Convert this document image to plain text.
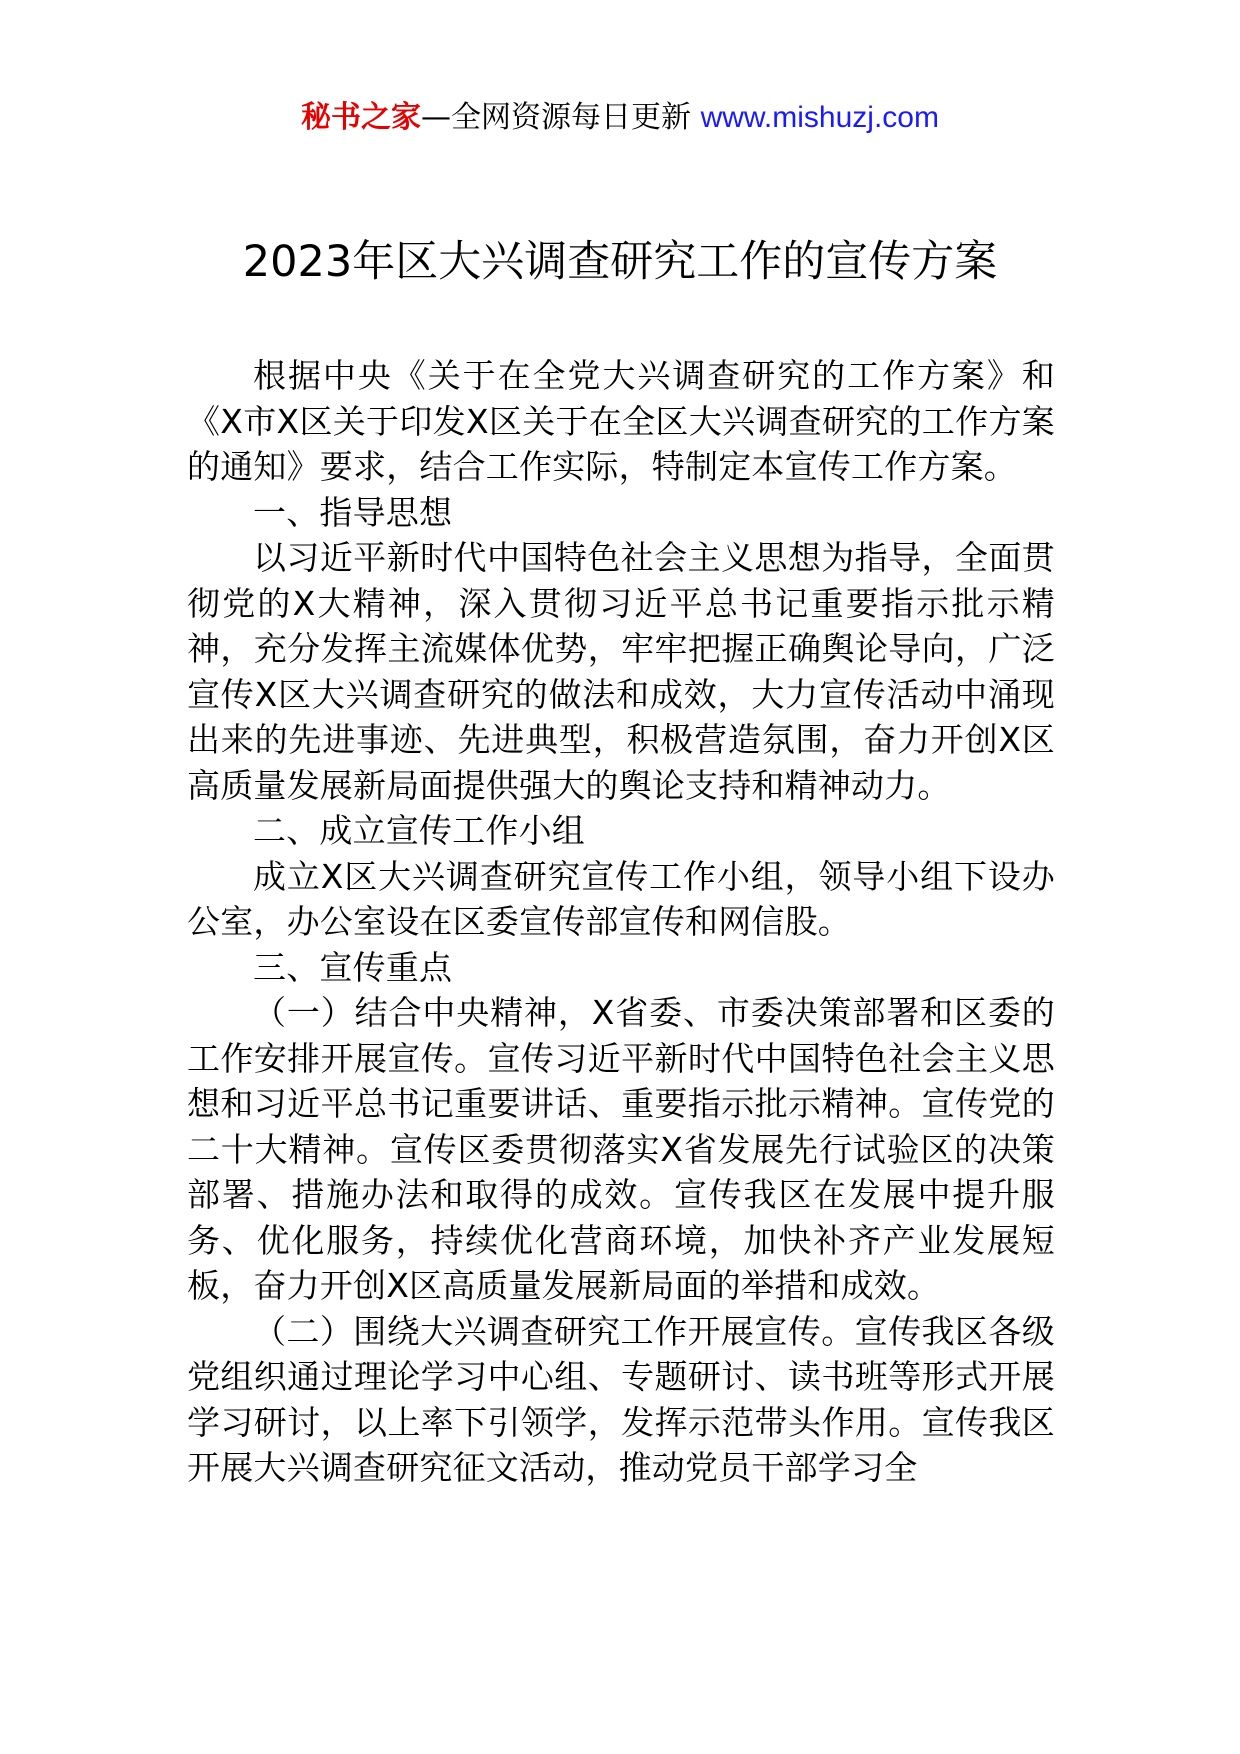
秘书之家—全网资源每日更新 www.mishuzj.com
2023年区大兴调查研究工作的宣传方案

根据中央《关于在全党大兴调查研究的工作方案》和《X市X区关于印发X区关于在全区大兴调查研究的工作方案的通知》要求，结合工作实际，特制定本宣传工作方案。

一、指导思想

以习近平新时代中国特色社会主义思想为指导，全面贯彻党的X大精神，深入贯彻习近平总书记重要指示批示精神，充分发挥主流媒体优势，牢牢把握正确舆论导向，广泛宣传X区大兴调查研究的做法和成效，大力宣传活动中涌现出来的先进事迹、先进典型，积极营造氛围，奋力开创X区高质量发展新局面提供强大的舆论支持和精神动力。

二、成立宣传工作小组

成立X区大兴调查研究宣传工作小组，领导小组下设办公室，办公室设在区委宣传部宣传和网信股。

三、宣传重点

（一）结合中央精神，X省委、市委决策部署和区委的工作安排开展宣传。宣传习近平新时代中国特色社会主义思想和习近平总书记重要讲话、重要指示批示精神。宣传党的二十大精神。宣传区委贯彻落实X省发展先行试验区的决策部署、措施办法和取得的成效。宣传我区在发展中提升服务、优化服务，持续优化营商环境，加快补齐产业发展短板，奋力开创X区高质量发展新局面的举措和成效。

（二）围绕大兴调查研究工作开展宣传。宣传我区各级党组织通过理论学习中心组、专题研讨、读书班等形式开展学习研讨，以上率下引领学，发挥示范带头作用。宣传我区开展大兴调查研究征文活动，推动党员干部学习全
